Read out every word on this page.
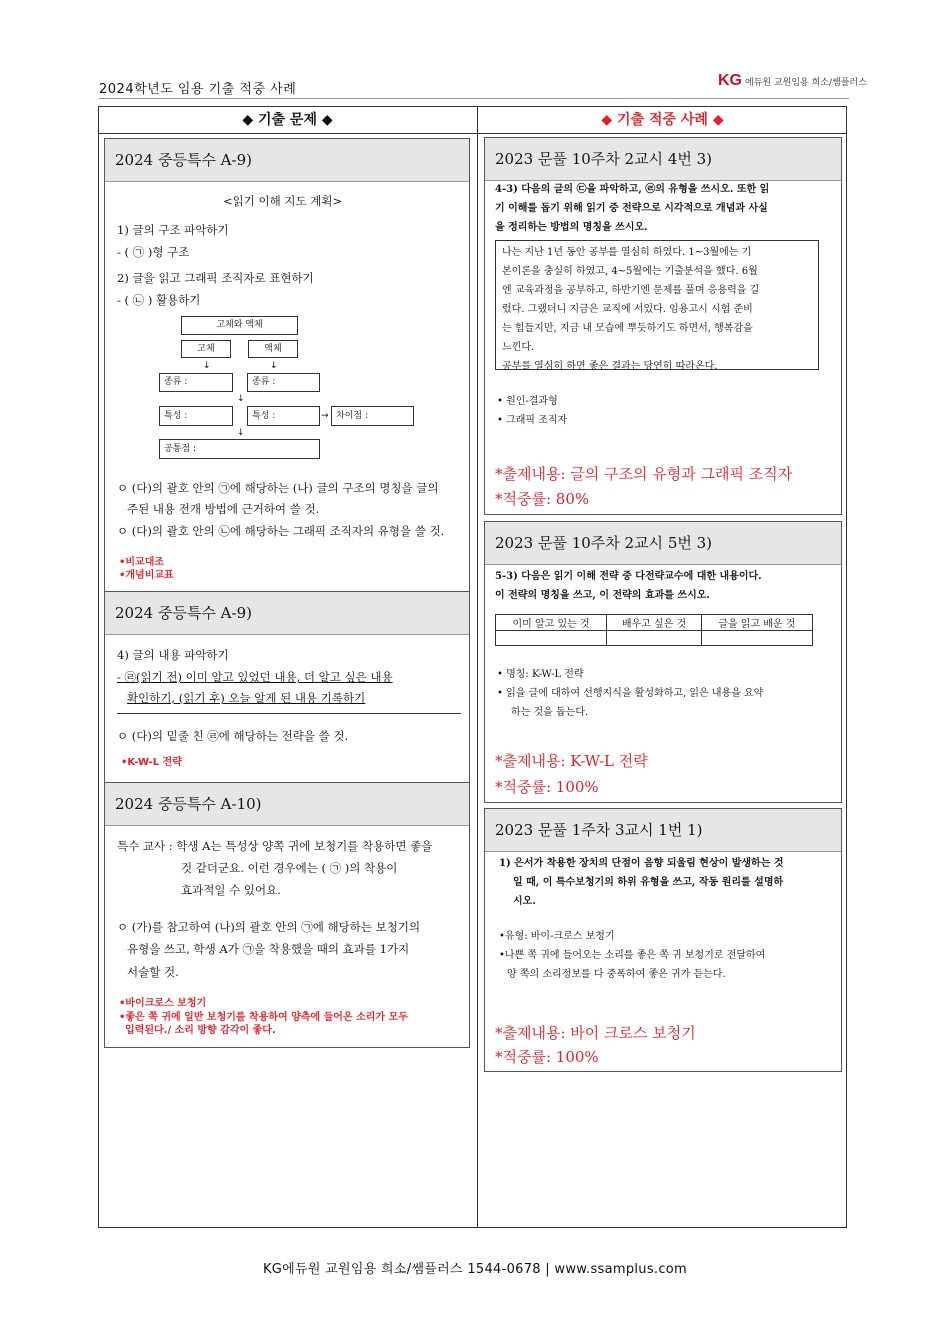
2024학년도 임용 기출 적중 사례
KG 에듀원 교원임용 희소/쌤플러스
◆ 기출 문제 ◆	◆ 기출 적중 사례 ◆
2024 중등특수 A-9)
<읽기 이해 지도 계획>
1) 글의 구조 파악하기
- ( ㉠ )형 구조
2) 글을 읽고 그래픽 조직자로 표현하기
- ( ㉡ ) 활용하기
고체와 액체
고체	액체
↓	↓
종류 :	종류 :
↓
특성 :	특성 :	→ 차이점 :
↓
공통점 :
ㅇ (다)의 괄호 안의 ㉠에 해당하는 (나) 글의 구조의 명칭을 글의
주된 내용 전개 방법에 근거하여 쓸 것.
ㅇ (다)의 괄호 안의 ㉡에 해당하는 그래픽 조직자의 유형을 쓸 것.
•비교대조
•개념비교표
2024 중등특수 A-9)
4) 글의 내용 파악하기
- ㉣(읽기 전) 이미 알고 있었던 내용, 더 알고 싶은 내용
확인하기, (읽기 후) 오늘 알게 된 내용 기록하기
ㅇ (다)의 밑줄 친 ㉣에 해당하는 전략을 쓸 것.
•K-W-L 전략
2024 중등특수 A-10)
특수 교사 : 학생 A는 특성상 양쪽 귀에 보청기를 착용하면 좋을
것 같더군요. 이런 경우에는 ( ㉠ )의 착용이
효과적일 수 있어요.
ㅇ (가)를 참고하여 (나)의 괄호 안의 ㉠에 해당하는 보청기의
유형을 쓰고, 학생 A가 ㉠을 착용했을 때의 효과를 1가지
서술할 것.
•바이크로스 보청기
•좋은 쪽 귀에 일반 보청기를 착용하여 양측에 들어온 소리가 모두
입력된다./ 소리 방향 감각이 좋다.
2023 문풀 10주차 2교시 4번 3)
4-3) 다음의 글의 ㉢을 파악하고, ㉣의 유형을 쓰시오. 또한 읽
기 이해를 돕기 위해 읽기 중 전략으로 시각적으로 개념과 사실
을 정리하는 방법의 명칭을 쓰시오.
나는 지난 1년 동안 공부를 열심히 하였다. 1~3월에는 기
본이론을 충실히 하였고, 4~5월에는 기출분석을 했다. 6월
엔 교육과정을 공부하고, 하반기엔 문제를 풀며 응용력을 길
렀다. 그랬더니 지금은 교직에 서있다. 임용고시 시험 준비
는 힘들지만, 지금 내 모습에 뿌듯하기도 하면서, 행복감을
느낀다.
공부를 열심히 하면 좋은 결과는 당연히 따라온다.
• 원인-결과형
• 그래픽 조직자
*출제내용: 글의 구조의 유형과 그래픽 조직자
*적중률: 80%
2023 문풀 10주차 2교시 5번 3)
5-3) 다음은 읽기 이해 전략 중 다전략교수에 대한 내용이다.
이 전략의 명칭을 쓰고, 이 전략의 효과를 쓰시오.
이미 알고 있는 것	배우고 싶은 것	글을 읽고 배운 것

• 명칭: K-W-L 전략
• 읽을 글에 대하여 선행지식을 활성화하고, 읽은 내용을 요약
하는 것을 돕는다.
*출제내용: K-W-L 전략
*적중률: 100%
2023 문풀 1주차 3교시 1번 1)
1) 은서가 착용한 장치의 단점이 음향 되울림 현상이 발생하는 것
일 때, 이 특수보청기의 하위 유형을 쓰고, 작동 원리를 설명하
시오.
•유형: 바이-크로스 보청기
•나쁜 쪽 귀에 들어오는 소리를 좋은 쪽 귀 보청기로 전달하여
양 쪽의 소리정보를 다 중폭하여 좋은 귀가 듣는다.
*출제내용: 바이 크로스 보청기
*적중률: 100%
KG에듀원 교원임용 희소/쌤플러스 1544-0678 | www.ssamplus.com
